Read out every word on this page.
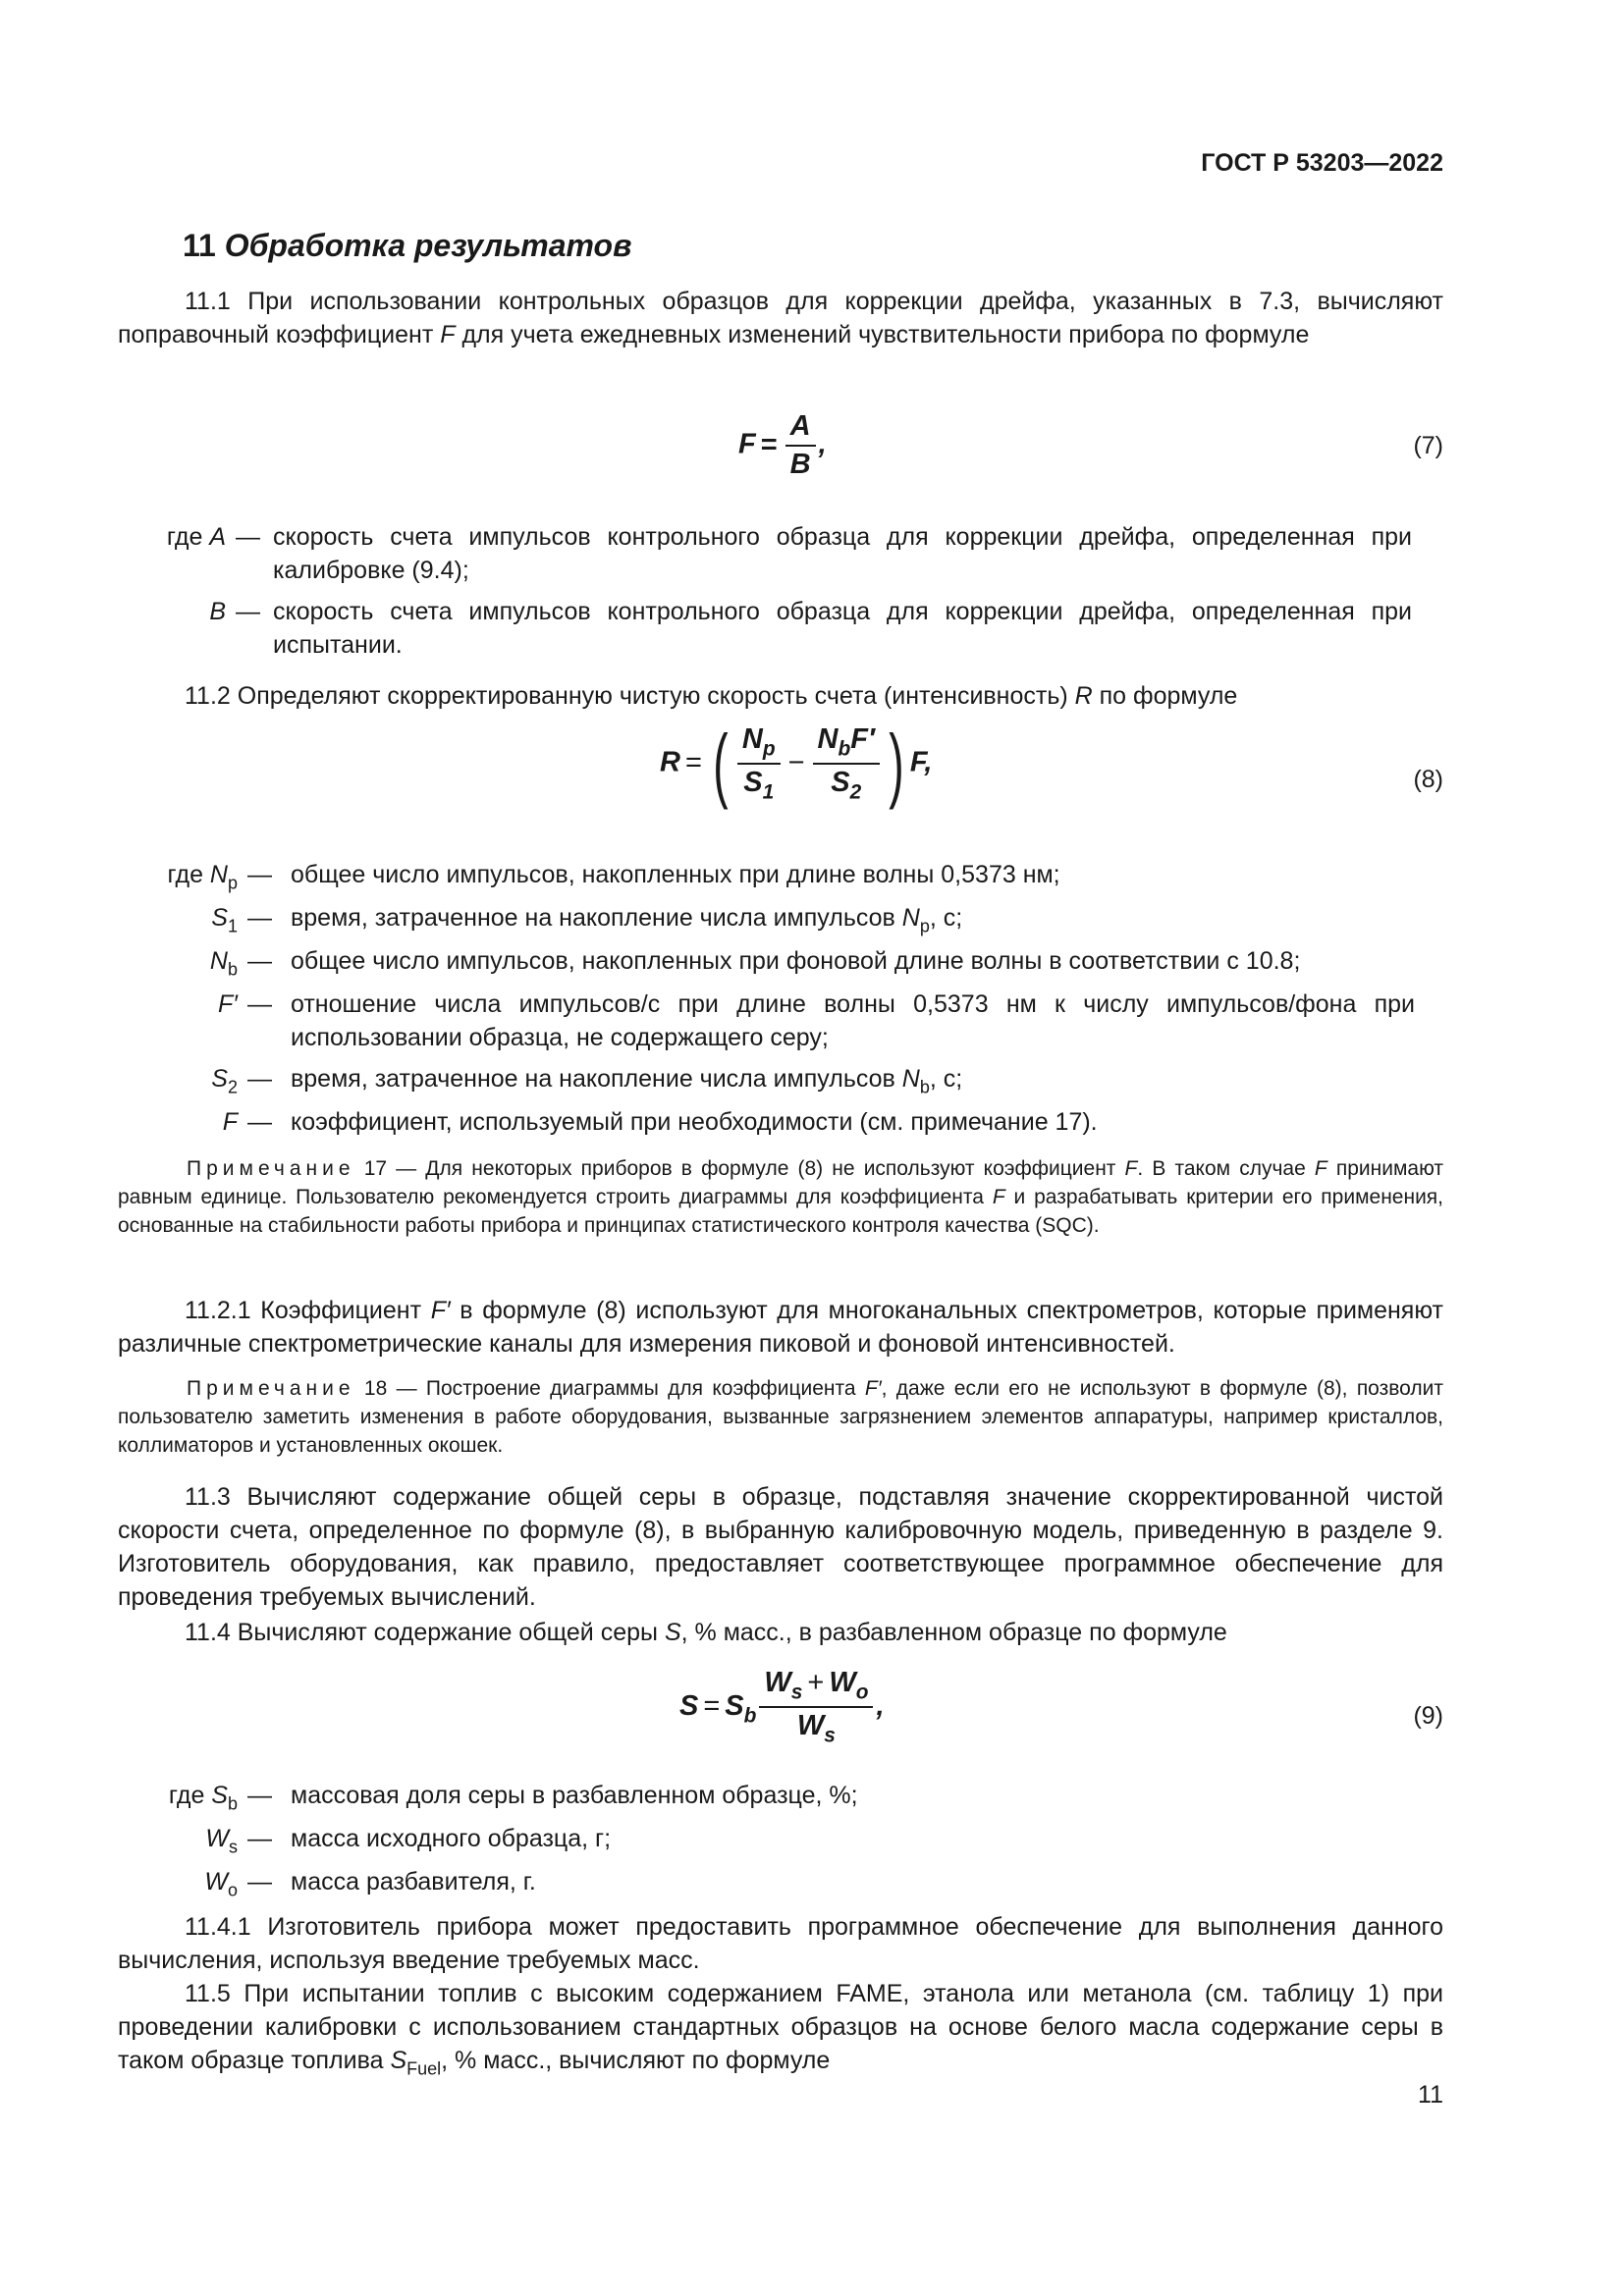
ГОСТ Р 53203—2022
11 Обработка результатов
11.1 При использовании контрольных образцов для коррекции дрейфа, указанных в 7.3, вычисляют поправочный коэффициент F для учета ежедневных изменений чувствительности прибора по формуле
$F = \frac{A}{B}$ ,	(7)
где A — скорость счета импульсов контрольного образца для коррекции дрейфа, определенная при калибровке (9.4);
B — скорость счета импульсов контрольного образца для коррекции дрейфа, определенная при испытании.
11.2 Определяют скорректированную чистую скорость счета (интенсивность) R по формуле
R = ( $\frac{N_p}{S_1} - \frac{N_bF'}{S_2}$ ) F,
(8)
где $N_p$ — общее число импульсов, накопленных при длине волны 0,5373 нм;
$S_1$ — время, затраченное на накопление числа импульсов $N_p$, с;
$N_b$ — общее число импульсов, накопленных при фоновой длине волны в соответствии с 10.8;
F′ — отношение числа импульсов/с при длине волны 0,5373 нм к числу импульсов/фона при использовании образца, не содержащего серу;
$S_2$ — время, затраченное на накопление числа импульсов $N_b$, с;
F — коэффициент, используемый при необходимости (см. примечание 17).
Примечание 17 — Для некоторых приборов в формуле (8) не используют коэффициент F. В таком случае F принимают равным единице. Пользователю рекомендуется строить диаграммы для коэффициента F и разрабатывать критерии его применения, основанные на стабильности работы прибора и принципах статистического контроля качества (SQC).
11.2.1 Коэффициент F′ в формуле (8) используют для многоканальных спектрометров, которые применяют различные спектрометрические каналы для измерения пиковой и фоновой интенсивностей.
Примечание 18 — Построение диаграммы для коэффициента F′, даже если его не используют в формуле (8), позволит пользователю заметить изменения в работе оборудования, вызванные загрязнением элементов аппаратуры, например кристаллов, коллиматоров и установленных окошек.
11.3 Вычисляют содержание общей серы в образце, подставляя значение скорректированной чистой скорости счета, определенное по формуле (8), в выбранную калибровочную модель, приведенную в разделе 9. Изготовитель оборудования, как правило, предоставляет соответствующее программное обеспечение для проведения требуемых вычислений.
11.4 Вычисляют содержание общей серы S, % масс., в разбавленном образце по формуле
$S = S_b \frac{W_s + W_o}{W_s}$ ,	(9)
где $S_b$ — массовая доля серы в разбавленном образце, %;
$W_s$ — масса исходного образца, г;
$W_o$ — масса разбавителя, г.
11.4.1 Изготовитель прибора может предоставить программное обеспечение для выполнения данного вычисления, используя введение требуемых масс.
11.5 При испытании топлив с высоким содержанием FAME, этанола или метанола (см. таблицу 1) при проведении калибровки с использованием стандартных образцов на основе белого масла содержание серы в таком образце топлива $S_{Fuel}$, % масс., вычисляют по формуле
11
